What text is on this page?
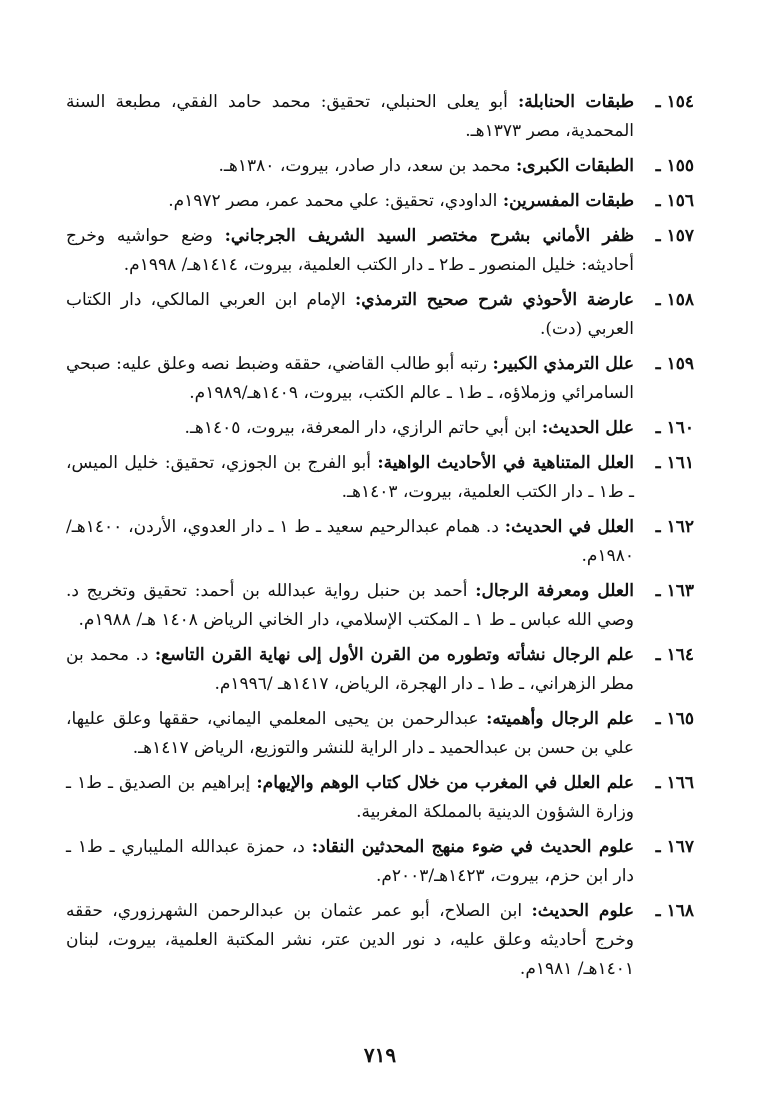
١٥٤ـ
طبقات الحنابلة: أبو يعلى الحنبلي، تحقيق: محمد حامد الفقي، مطبعة السنة المحمدية، مصر ١٣٧٣هـ.
١٥٥ـ
الطبقات الكبرى: محمد بن سعد، دار صادر، بيروت، ١٣٨٠هـ.
١٥٦ـ
طبقات المفسرين: الداودي، تحقيق: علي محمد عمر، مصر ١٩٧٢م.
١٥٧ـ
ظفر الأماني بشرح مختصر السيد الشريف الجرجاني: وضع حواشيه وخرج أحاديثه: خليل المنصور ـ ط٢ ـ دار الكتب العلمية، بيروت، ١٤١٤هـ/ ١٩٩٨م.
١٥٨ـ
عارضة الأحوذي شرح صحيح الترمذي: الإمام ابن العربي المالكي، دار الكتاب العربي (دت).
١٥٩ـ
علل الترمذي الكبير: رتبه أبو طالب القاضي، حققه وضبط نصه وعلق عليه: صبحي السامرائي وزملاؤه، ـ ط١ ـ عالم الكتب، بيروت، ١٤٠٩هـ/١٩٨٩م.
١٦٠ـ
علل الحديث: ابن أبي حاتم الرازي، دار المعرفة، بيروت، ١٤٠٥هـ.
١٦١ـ
العلل المتناهية في الأحاديث الواهية: أبو الفرج بن الجوزي، تحقيق: خليل الميس، ـ ط١ ـ دار الكتب العلمية، بيروت، ١٤٠٣هـ.
١٦٢ـ
العلل في الحديث: د. همام عبدالرحيم سعيد ـ ط ١ ـ دار العدوي، الأردن، ١٤٠٠هـ/ ١٩٨٠م.
١٦٣ـ
العلل ومعرفة الرجال: أحمد بن حنبل رواية عبدالله بن أحمد: تحقيق وتخريج د. وصي الله عباس ـ ط ١ ـ المكتب الإسلامي، دار الخاني الرياض ١٤٠٨ هـ/ ١٩٨٨م.
١٦٤ـ
علم الرجال نشأته وتطوره من القرن الأول إلى نهاية القرن التاسع: د. محمد بن مطر الزهراني، ـ ط١ ـ دار الهجرة، الرياض، ١٤١٧هـ /١٩٩٦م.
١٦٥ـ
علم الرجال وأهميته: عبدالرحمن بن يحيى المعلمي اليماني، حققها وعلق عليها، علي بن حسن بن عبدالحميد ـ دار الراية للنشر والتوزيع، الرياض ١٤١٧هـ.
١٦٦ـ
علم العلل في المغرب من خلال كتاب الوهم والإيهام: إبراهيم بن الصديق ـ ط١ ـ وزارة الشؤون الدينية بالمملكة المغربية.
١٦٧ـ
علوم الحديث في ضوء منهج المحدثين النقاد: د، حمزة عبدالله المليباري ـ ط١ ـ دار ابن حزم، بيروت، ١٤٢٣هـ/٢٠٠٣م.
١٦٨ـ
علوم الحديث: ابن الصلاح، أبو عمر عثمان بن عبدالرحمن الشهرزوري، حققه وخرج أحاديثه وعلق عليه، د نور الدين عتر، نشر المكتبة العلمية، بيروت، لبنان ١٤٠١هـ/ ١٩٨١م.
٧١٩
